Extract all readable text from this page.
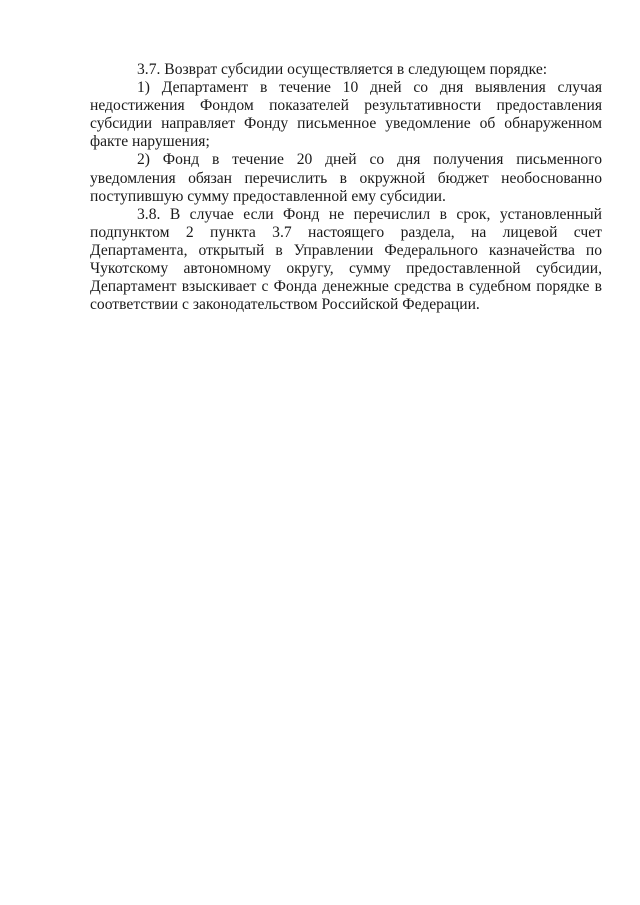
3.7. Возврат субсидии осуществляется в следующем порядке:

1) Департамент в течение 10 дней со дня выявления случая недостижения Фондом показателей результативности предоставления субсидии направляет Фонду письменное уведомление об обнаруженном факте нарушения;

2) Фонд в течение 20 дней со дня получения письменного уведомления обязан перечислить в окружной бюджет необоснованно поступившую сумму предоставленной ему субсидии.

3.8. В случае если Фонд не перечислил в срок, установленный подпунктом 2 пункта 3.7 настоящего раздела, на лицевой счет Департамента, открытый в Управлении Федерального казначейства по Чукотскому автономному округу, сумму предоставленной субсидии, Департамент взыскивает с Фонда денежные средства в судебном порядке в соответствии с законодательством Российской Федерации.
